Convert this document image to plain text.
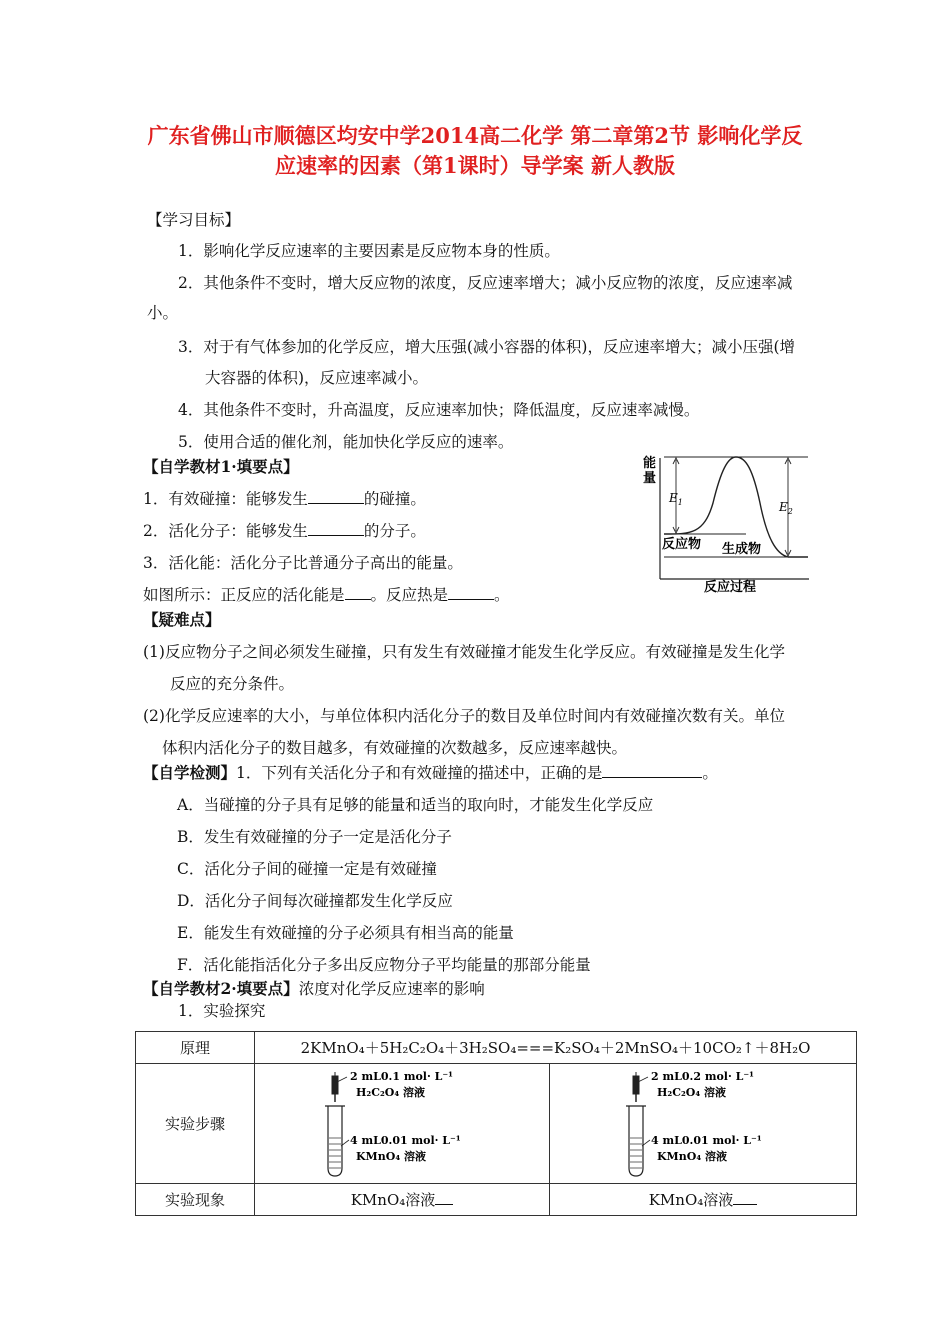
广东省佛山市顺德区均安中学2014高二化学 第二章第2节 影响化学反
应速率的因素（第1课时）导学案 新人教版
【学习目标】
1．影响化学反应速率的主要因素是反应物本身的性质。
2．其他条件不变时，增大反应物的浓度，反应速率增大；减小反应物的浓度，反应速率减
小。
3．对于有气体参加的化学反应，增大压强(减小容器的体积)，反应速率增大；减小压强(增
大容器的体积)，反应速率减小。
4．其他条件不变时，升高温度，反应速率加快；降低温度，反应速率减慢。
5．使用合适的催化剂，能加快化学反应的速率。
【自学教材1·填要点】
1．有效碰撞：能够发生	的碰撞。
2．活化分子：能够发生	的分子。
3．活化能：活化分子比普通分子高出的能量。
如图所示：正反应的活化能是 。反应热是	。
能
量
$E_1$	$E_2$
反应物 生成物
反应过程
【疑难点】
(1)反应物分子之间必须发生碰撞，只有发生有效碰撞才能发生化学反应。有效碰撞是发生化学
反应的充分条件。
(2)化学反应速率的大小，与单位体积内活化分子的数目及单位时间内有效碰撞次数有关。单位
体积内活化分子的数目越多，有效碰撞的次数越多，反应速率越快。
【自学检测】1．下列有关活化分子和有效碰撞的描述中，正确的是	。
A．当碰撞的分子具有足够的能量和适当的取向时，才能发生化学反应
B．发生有效碰撞的分子一定是活化分子
C．活化分子间的碰撞一定是有效碰撞
D．活化分子间每次碰撞都发生化学反应
E．能发生有效碰撞的分子必须具有相当高的能量
F．活化能指活化分子多出反应物分子平均能量的那部分能量
【自学教材2·填要点】浓度对化学反应速率的影响
1．实验探究
原理	2KMnO₄＋5H₂C₂O₄＋3H₂SO₄===K₂SO₄＋2MnSO₄＋10CO₂↑＋8H₂O	
实验步骤	2 mL0.1 mol· L⁻¹
H₂C₂O₄ 溶液
4 mL0.01 mol· L⁻¹
KMnO₄ 溶液	2 mL0.2 mol· L⁻¹
H₂C₂O₄ 溶液
4 mL0.01 mol· L⁻¹
KMnO₄ 溶液

实验现象	KMnO₄溶液	KMnO₄溶液
